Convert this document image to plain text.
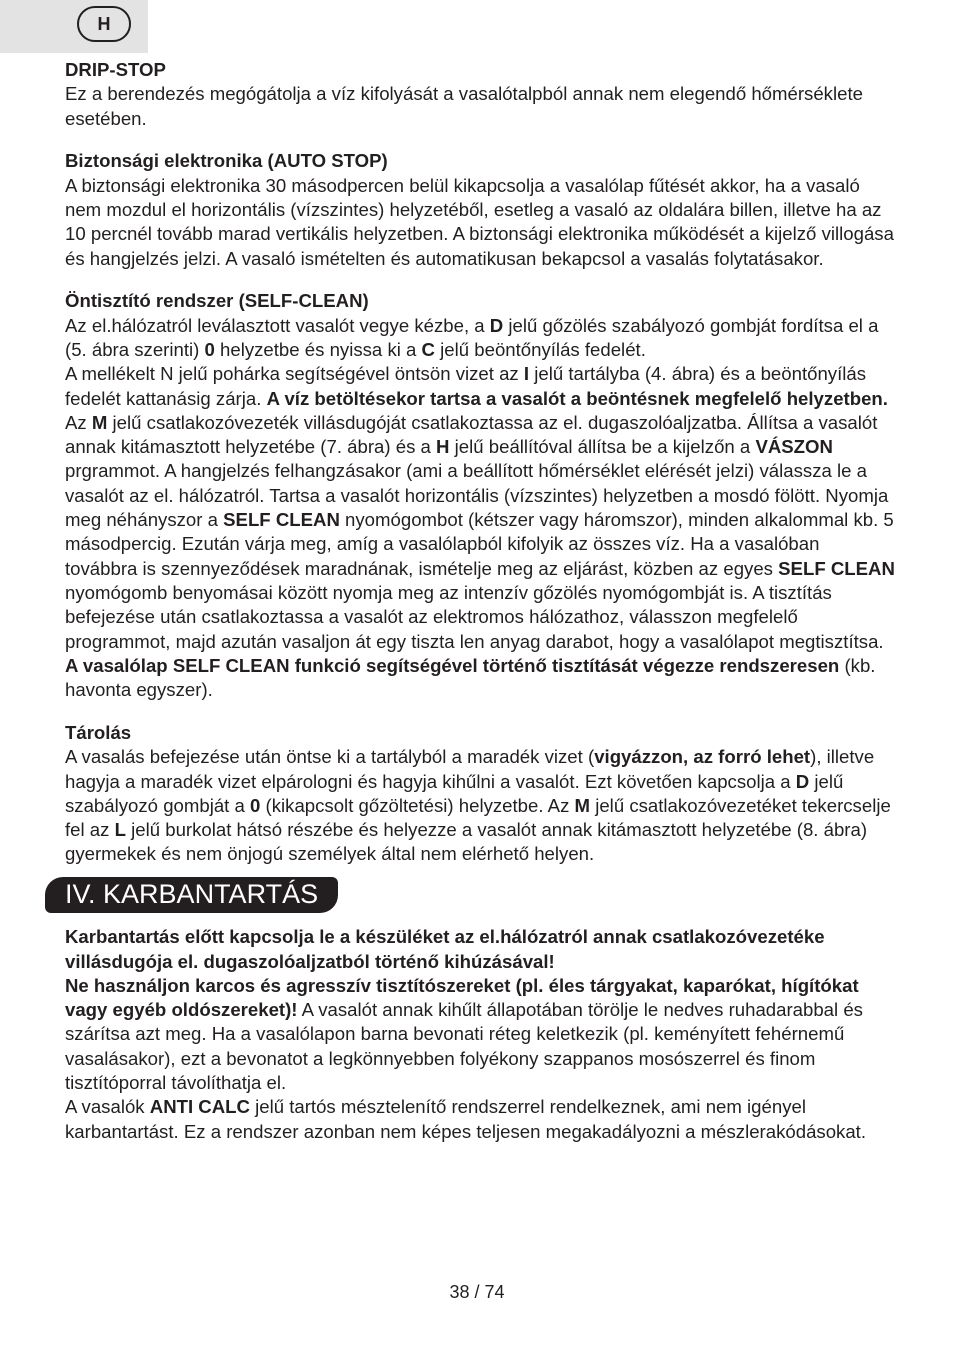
H
DRIP-STOP

Ez a berendezés megógátolja a víz kifolyását a vasalótalpból annak nem elegendő hőmérséklete esetében.

Biztonsági elektronika (AUTO STOP)

A biztonsági elektronika 30 másodpercen belül kikapcsolja a vasalólap fűtését akkor, ha a vasaló nem mozdul el horizontális (vízszintes) helyzetéből, esetleg a vasaló az oldalára billen, illetve ha az 10 percnél tovább marad vertikális helyzetben. A biztonsági elektronika működését a kijelző villogása és hangjelzés jelzi. A vasaló ismételten és automatikusan bekapcsol a vasalás folytatásakor.

Öntisztító rendszer (SELF-CLEAN)

Az el.hálózatról leválasztott vasalót vegye kézbe, a D jelű gőzölés szabályozó gombját fordítsa el a (5. ábra szerinti) 0 helyzetbe és nyissa ki a C jelű beöntőnyílás fedelét.

A mellékelt N jelű pohárka segítségével öntsön vizet az I jelű tartályba (4. ábra) és a beöntőnyílás fedelét kattanásig zárja. A víz betöltésekor tartsa a vasalót a beöntésnek megfelelő helyzetben. Az M jelű csatlakozóvezeték villásdugóját csatlakoztassa az el. dugaszolóaljzatba. Állítsa a vasalót annak kitámasztott helyzetébe (7. ábra) és a H jelű beállítóval állítsa be a kijelzőn a VÁSZON prgrammot. A hangjelzés felhangzásakor (ami a beállított hőmérséklet elérését jelzi) válassza le a vasalót az el. hálózatról. Tartsa a vasalót horizontális (vízszintes) helyzetben a mosdó fölött. Nyomja meg néhányszor a SELF CLEAN nyomógombot (kétszer vagy háromszor), minden alkalommal kb. 5 másodpercig. Ezután várja meg, amíg a vasalólapból kifolyik az összes víz. Ha a vasalóban továbbra is szennyeződések maradnának, ismételje meg az eljárást, közben az egyes SELF CLEAN nyomógomb benyomásai között nyomja meg az intenzív gőzölés nyomógombját is. A tisztítás befejezése után csatlakoztassa a vasalót az elektromos hálózathoz, válasszon megfelelő programmot, majd azután vasaljon át egy tiszta len anyag darabot, hogy a vasalólapot megtisztítsa. A vasalólap SELF CLEAN funkció segítségével történő tisztítását végezze rendszeresen (kb. havonta egyszer).

Tárolás

A vasalás befejezése után öntse ki a tartályból a maradék vizet (vigyázzon, az forró lehet), illetve hagyja a maradék vizet elpárologni és hagyja kihűlni a vasalót. Ezt követően kapcsolja a D jelű szabályozó gombját a 0 (kikapcsolt gőzöltetési) helyzetbe. Az M jelű csatlakozóvezetéket tekercselje fel az L jelű burkolat hátsó részébe és helyezze a vasalót annak kitámasztott helyzetébe (8. ábra) gyermekek és nem önjogú személyek által nem elérhető helyen.

IV. KARBANTARTÁS

Karbantartás előtt kapcsolja le a készüléket az el.hálózatról annak csatlakozóvezetéke villásdugója el. dugaszolóaljzatból történő kihúzásával!

Ne használjon karcos és agresszív tisztítószereket (pl. éles tárgyakat, kaparókat, hígítókat vagy egyéb oldószereket)! A vasalót annak kihűlt állapotában törölje le nedves ruhadarabbal és szárítsa azt meg. Ha a vasalólapon barna bevonati réteg keletkezik (pl. keményített fehérnemű vasalásakor), ezt a bevonatot a legkönnyebben folyékony szappanos mosószerrel és finom tisztítóporral távolíthatja el.

A vasalók ANTI CALC jelű tartós mésztelenítő rendszerrel rendelkeznek, ami nem igényel karbantartást. Ez a rendszer azonban nem képes teljesen megakadályozni a mészlerakódásokat.

38 / 74
